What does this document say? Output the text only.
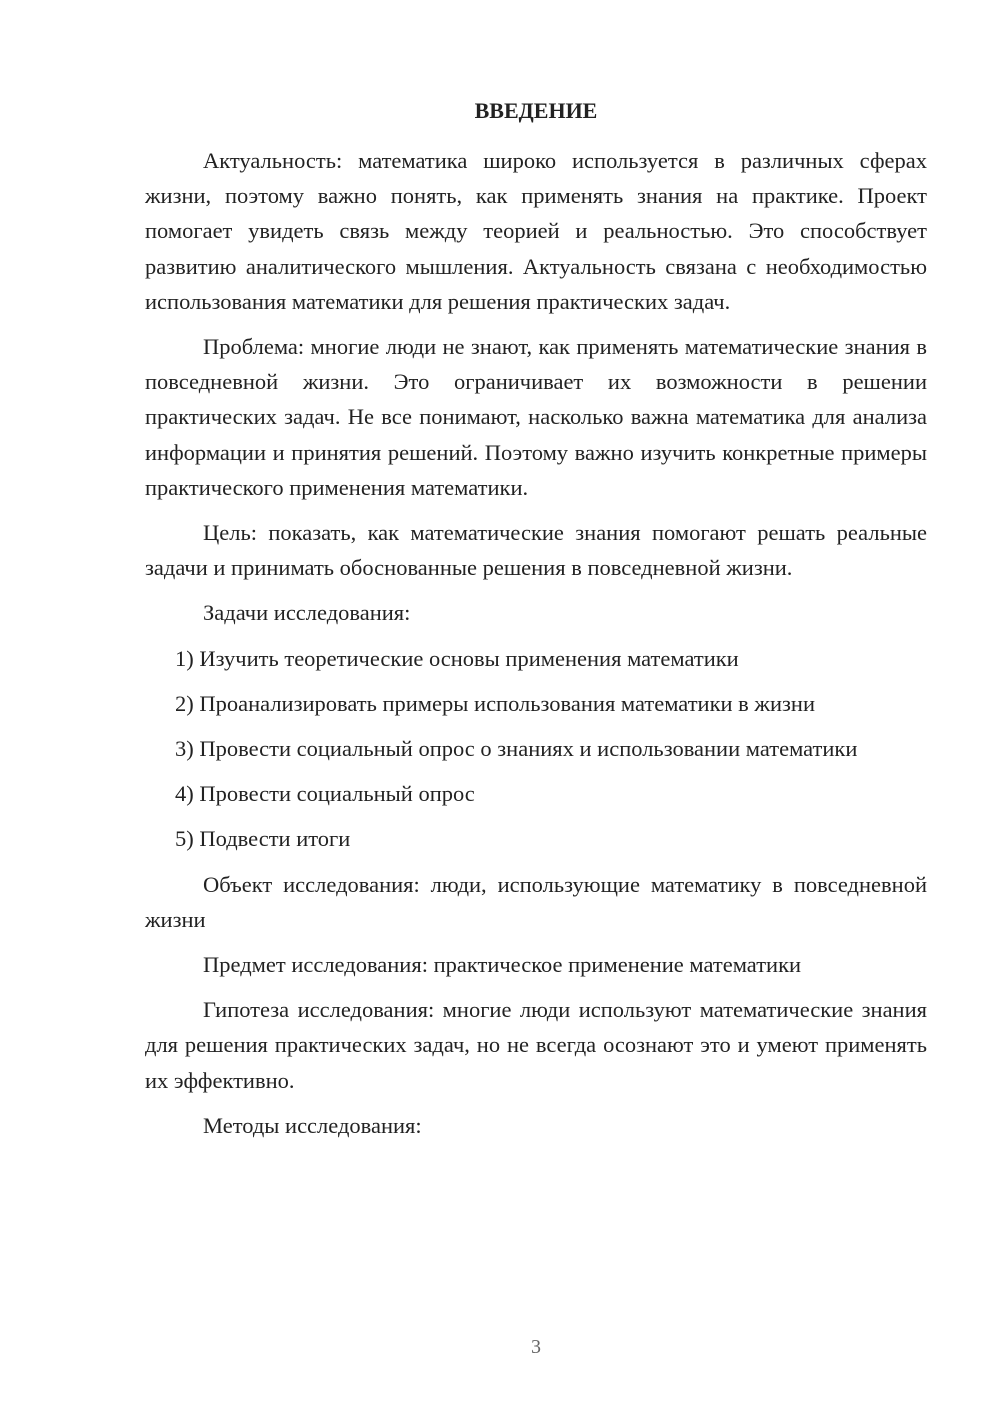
ВВЕДЕНИЕ

Актуальность: математика широко используется в различных сферах жизни, поэтому важно понять, как применять знания на практике. Проект помогает увидеть связь между теорией и реальностью. Это способствует развитию аналитического мышления. Актуальность связана с необходимостью использования математики для решения практических задач.

Проблема: многие люди не знают, как применять математические знания в повседневной жизни. Это ограничивает их возможности в решении практических задач. Не все понимают, насколько важна математика для анализа информации и принятия решений. Поэтому важно изучить конкретные примеры практического применения математики.

Цель: показать, как математические знания помогают решать реальные задачи и принимать обоснованные решения в повседневной жизни.

Задачи исследования:

1) Изучить теоретические основы применения математики

2) Проанализировать примеры использования математики в жизни

3) Провести социальный опрос о знаниях и использовании математики

4) Провести социальный опрос

5) Подвести итоги

Объект исследования: люди, использующие математику в повседневной жизни

Предмет исследования: практическое применение математики

Гипотеза исследования: многие люди используют математические знания для решения практических задач, но не всегда осознают это и умеют применять их эффективно.

Методы исследования:

3
